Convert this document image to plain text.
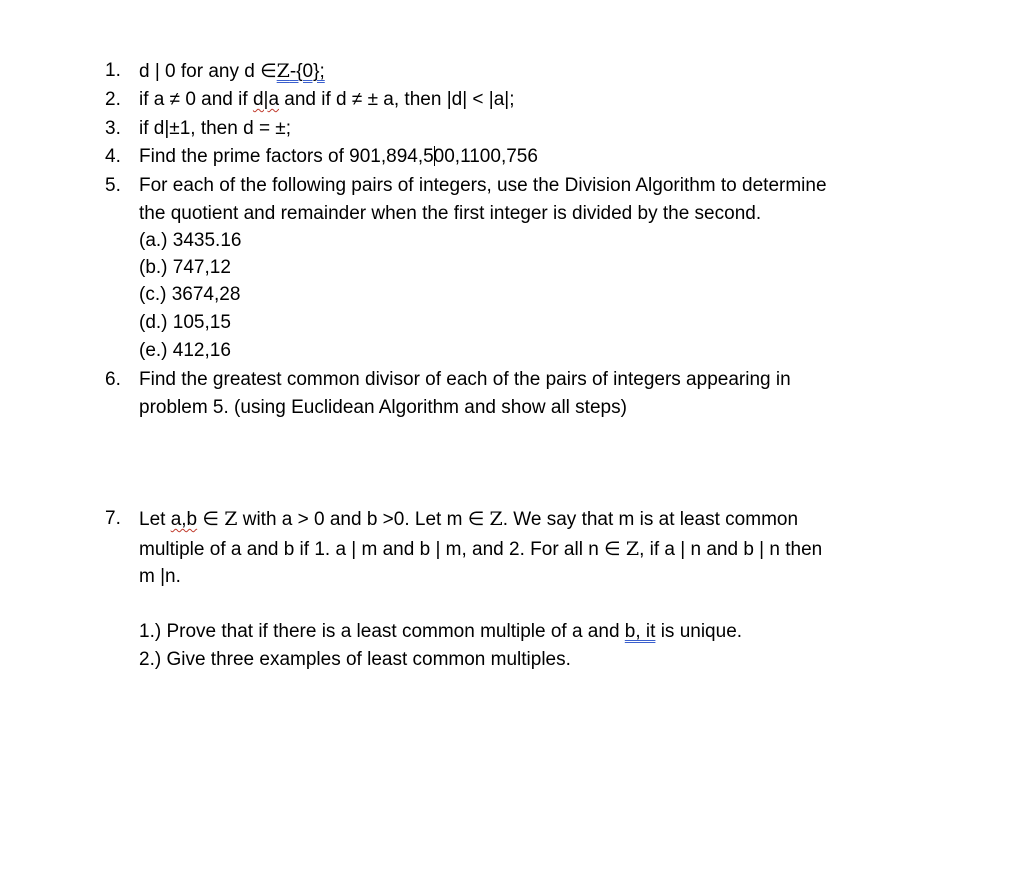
1. d | 0 for any d ∈Z-{0};
2. if a ≠ 0 and if d|a and if d ≠ ± a, then |d| < |a|;
3. if d|±1, then d = ±;
4. Find the prime factors of 901,894,500,1100,756
5. For each of the following pairs of integers, use the Division Algorithm to determine
the quotient and remainder when the first integer is divided by the second.
(a.) 3435.16
(b.) 747,12
(c.) 3674,28
(d.) 105,15
(e.) 412,16
6. Find the greatest common divisor of each of the pairs of integers appearing in
problem 5. (using Euclidean Algorithm and show all steps)
7. Let a,b ∈ Z with a > 0 and b >0. Let m ∈ Z. We say that m is at least common
multiple of a and b if 1. a | m and b | m, and 2. For all n ∈ Z, if a | n and b | n then
m |n.
1.) Prove that if there is a least common multiple of a and b, it is unique.
2.) Give three examples of least common multiples.
